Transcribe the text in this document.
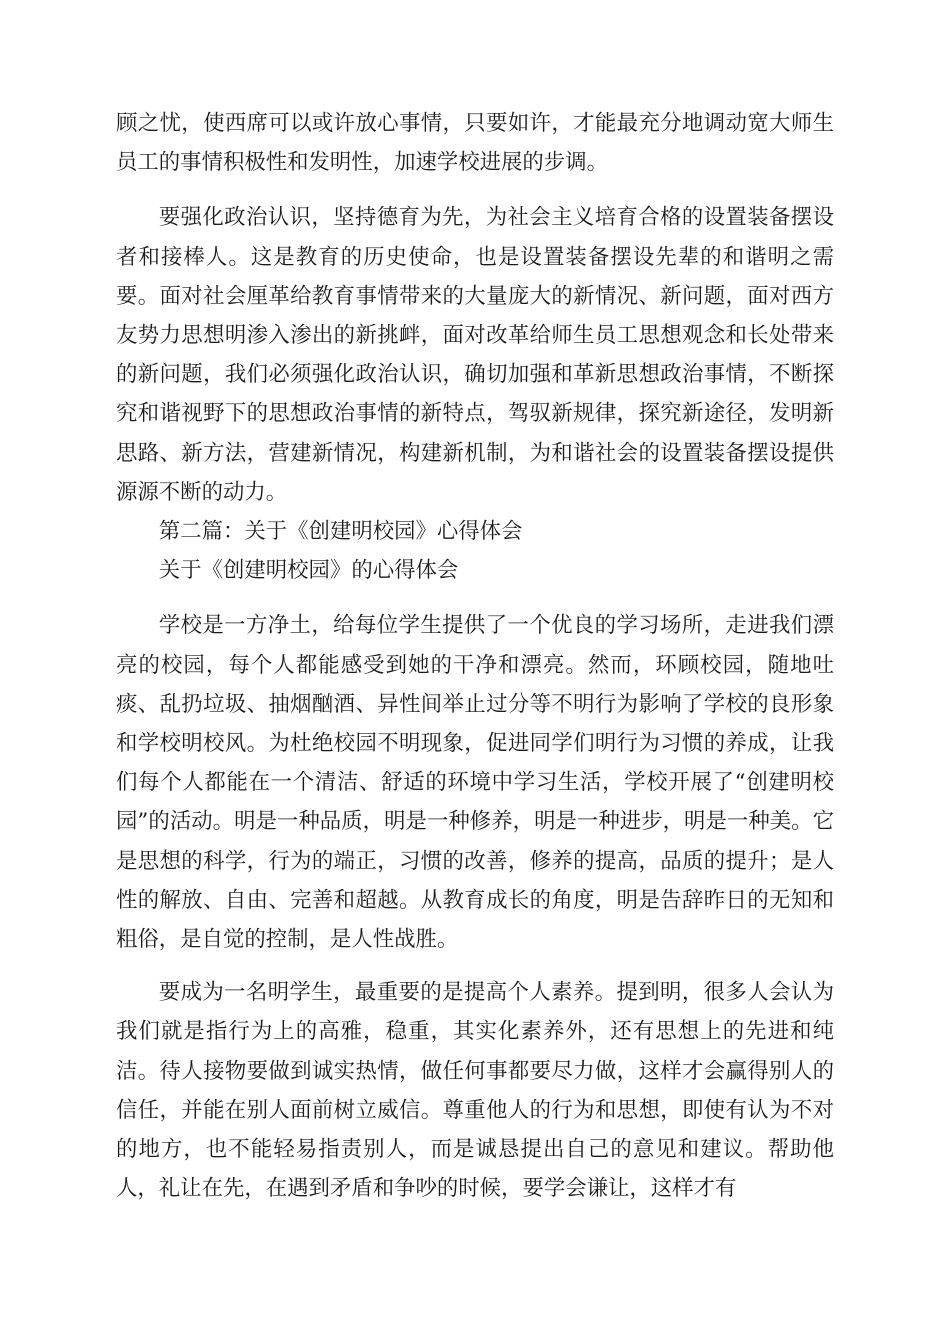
顾之忧，使西席可以或许放心事情，只要如许，才能最充分地调动宽大师生员工的事情积极性和发明性，加速学校进展的步调。

要强化政治认识，坚持德育为先，为社会主义培育合格的设置装备摆设者和接棒人。这是教育的历史使命，也是设置装备摆设先辈的和谐明之需要。面对社会厘革给教育事情带来的大量庞大的新情况、新问题，面对西方友势力思想明渗入渗出的新挑衅，面对改革给师生员工思想观念和长处带来的新问题，我们必须强化政治认识，确切加强和革新思想政治事情，不断探究和谐视野下的思想政治事情的新特点，驾驭新规律，探究新途径，发明新思路、新方法，营建新情况，构建新机制，为和谐社会的设置装备摆设提供源源不断的动力。

第二篇：关于《创建明校园》心得体会

关于《创建明校园》的心得体会

学校是一方净土，给每位学生提供了一个优良的学习场所，走进我们漂亮的校园，每个人都能感受到她的干净和漂亮。然而，环顾校园，随地吐痰、乱扔垃圾、抽烟酗酒、异性间举止过分等不明行为影响了学校的良形象和学校明校风。为杜绝校园不明现象，促进同学们明行为习惯的养成，让我们每个人都能在一个清洁、舒适的环境中学习生活，学校开展了“创建明校园”的活动。明是一种品质，明是一种修养，明是一种进步，明是一种美。它是思想的科学，行为的端正，习惯的改善，修养的提高，品质的提升；是人性的解放、自由、完善和超越。从教育成长的角度，明是告辞昨日的无知和粗俗，是自觉的控制，是人性战胜。

要成为一名明学生，最重要的是提高个人素养。提到明，很多人会认为我们就是指行为上的高雅，稳重，其实化素养外，还有思想上的先进和纯洁。待人接物要做到诚实热情，做任何事都要尽力做，这样才会赢得别人的信任，并能在别人面前树立威信。尊重他人的行为和思想，即使有认为不对的地方，也不能轻易指责别人，而是诚恳提出自己的意见和建议。帮助他人，礼让在先，在遇到矛盾和争吵的时候，要学会谦让，这样才有
